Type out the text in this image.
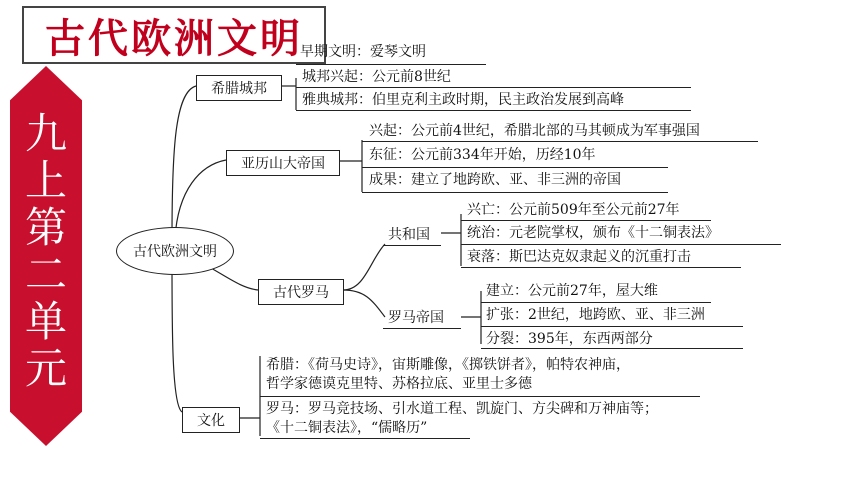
古代欧洲文明
九上第二单元
古代欧洲文明
希腊城邦
早期文明：爱琴文明
城邦兴起：公元前8世纪
雅典城邦：伯里克利主政时期，民主政治发展到高峰
亚历山大帝国
兴起：公元前4世纪，希腊北部的马其顿成为军事强国
东征：公元前334年开始，历经10年
成果：建立了地跨欧、亚、非三洲的帝国
古代罗马
共和国
兴亡：公元前509年至公元前27年
统治：元老院掌权，颁布《十二铜表法》
衰落：斯巴达克奴隶起义的沉重打击
罗马帝国
建立：公元前27年，屋大维
扩张：2世纪，地跨欧、亚、非三洲
分裂：395年，东西两部分
文化
希腊：《荷马史诗》，宙斯雕像，《掷铁饼者》，帕特农神庙，
哲学家德谟克里特、苏格拉底、亚里士多德
罗马：罗马竞技场、引水道工程、凯旋门、方尖碑和万神庙等；
《十二铜表法》，“儒略历”
